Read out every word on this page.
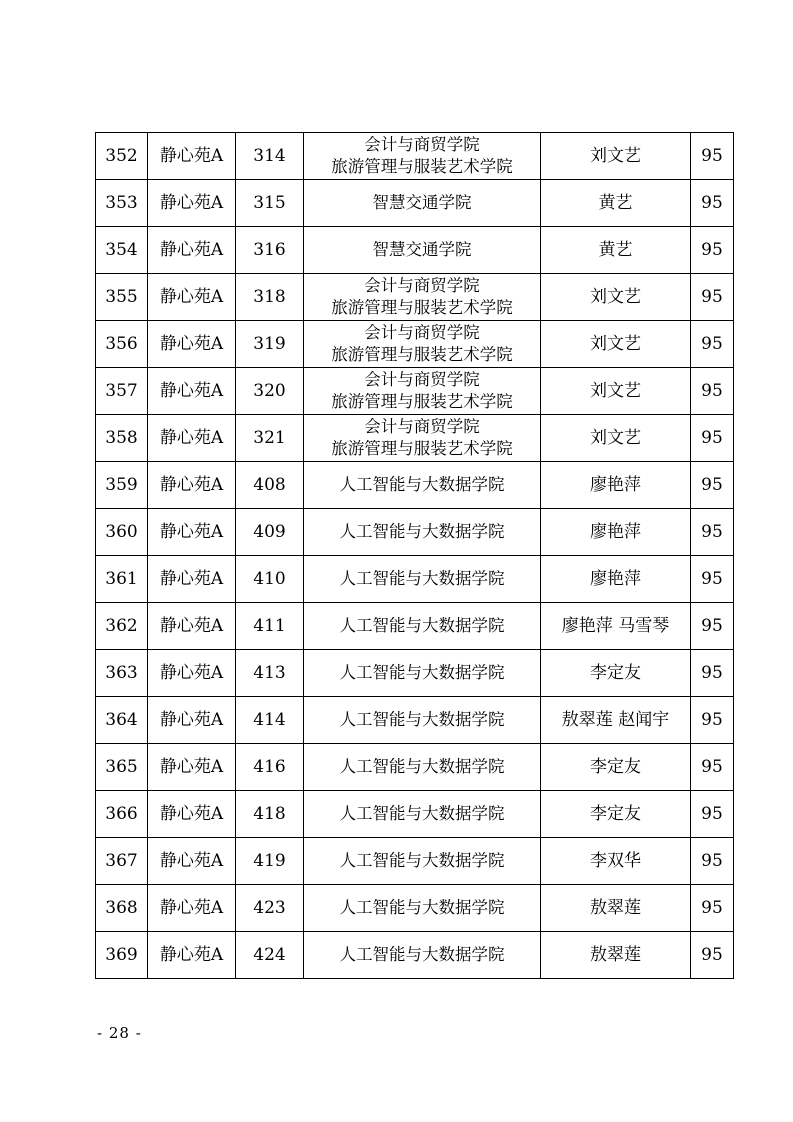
352	静心苑A	314	会计与商贸学院
旅游管理与服装艺术学院	刘文艺	95
353	静心苑A	315	智慧交通学院	黄艺	95
354	静心苑A	316	智慧交通学院	黄艺	95
355	静心苑A	318	会计与商贸学院
旅游管理与服装艺术学院	刘文艺	95
356	静心苑A	319	会计与商贸学院
旅游管理与服装艺术学院	刘文艺	95
357	静心苑A	320	会计与商贸学院
旅游管理与服装艺术学院	刘文艺	95
358	静心苑A	321	会计与商贸学院
旅游管理与服装艺术学院	刘文艺	95
359	静心苑A	408	人工智能与大数据学院	廖艳萍	95
360	静心苑A	409	人工智能与大数据学院	廖艳萍	95
361	静心苑A	410	人工智能与大数据学院	廖艳萍	95
362	静心苑A	411	人工智能与大数据学院	廖艳萍 马雪琴	95
363	静心苑A	413	人工智能与大数据学院	李定友	95
364	静心苑A	414	人工智能与大数据学院	敖翠莲 赵闻宇	95
365	静心苑A	416	人工智能与大数据学院	李定友	95
366	静心苑A	418	人工智能与大数据学院	李定友	95
367	静心苑A	419	人工智能与大数据学院	李双华	95
368	静心苑A	423	人工智能与大数据学院	敖翠莲	95
369	静心苑A	424	人工智能与大数据学院	敖翠莲	95
- 28 -
